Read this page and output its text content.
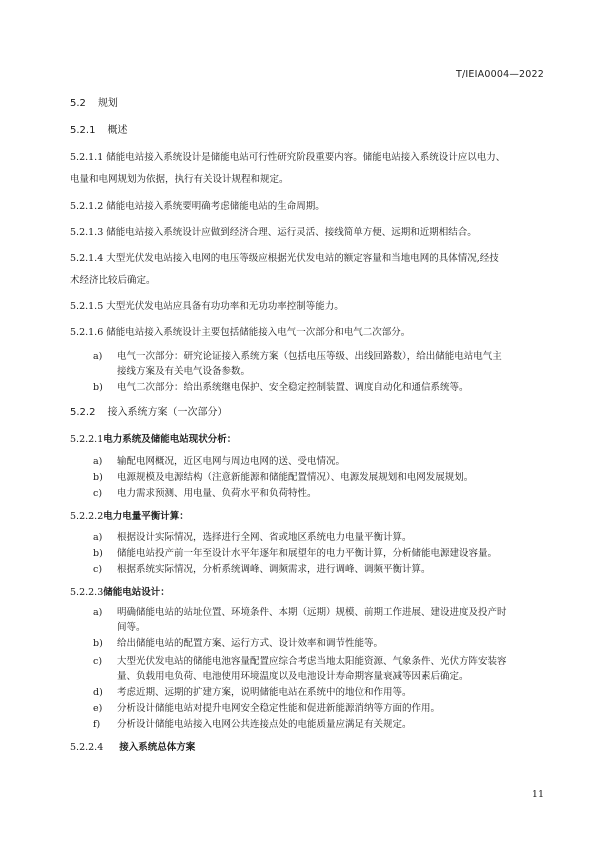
T/IEIA0004—2022
5.2 规划
5.2.1 概述
5.2.1.1 储能电站接入系统设计是储能电站可行性研究阶段重要内容。储能电站接入系统设计应以电力、
电量和电网规划为依据，执行有关设计规程和规定。
5.2.1.2 储能电站接入系统要明确考虑储能电站的生命周期。
5.2.1.3 储能电站接入系统设计应做到经济合理、运行灵活、接线简单方便、远期和近期相结合。
5.2.1.4 大型光伏发电站接入电网的电压等级应根据光伏发电站的额定容量和当地电网的具体情况,经技
术经济比较后确定。
5.2.1.5 大型光伏发电站应具备有功功率和无功功率控制等能力。
5.2.1.6 储能电站接入系统设计主要包括储能接入电气一次部分和电气二次部分。
a) 电气一次部分：研究论证接入系统方案（包括电压等级、出线回路数），给出储能电站电气主
接线方案及有关电气设备参数。
b) 电气二次部分：给出系统继电保护、安全稳定控制装置、调度自动化和通信系统等。
5.2.2 接入系统方案（一次部分）
5.2.2.1电力系统及储能电站现状分析：
a) 输配电网概况，近区电网与周边电网的送、受电情况。
b) 电源规模及电源结构（注意新能源和储能配置情况）、电源发展规划和电网发展规划。
c) 电力需求预测、用电量、负荷水平和负荷特性。
5.2.2.2电力电量平衡计算：
a) 根据设计实际情况，选择进行全网、省或地区系统电力电量平衡计算。
b) 储能电站投产前一年至设计水平年逐年和展望年的电力平衡计算，分析储能电源建设容量。
c) 根据系统实际情况，分析系统调峰、调频需求，进行调峰、调频平衡计算。
5.2.2.3储能电站设计：
a) 明确储能电站的站址位置、环境条件、本期（远期）规模、前期工作进展、建设进度及投产时
间等。
b) 给出储能电站的配置方案、运行方式、设计效率和调节性能等。
c) 大型光伏发电站的储能电池容量配置应综合考虑当地太阳能资源、气象条件、光伏方阵安装容
量、负载用电负荷、电池使用环境温度以及电池设计寿命期容量衰减等因素后确定。
d) 考虑近期、远期的扩建方案，说明储能电站在系统中的地位和作用等。
e) 分析设计储能电站对提升电网安全稳定性能和促进新能源消纳等方面的作用。
f) 分析设计储能电站接入电网公共连接点处的电能质量应满足有关规定。
5.2.2.4 接入系统总体方案
11
